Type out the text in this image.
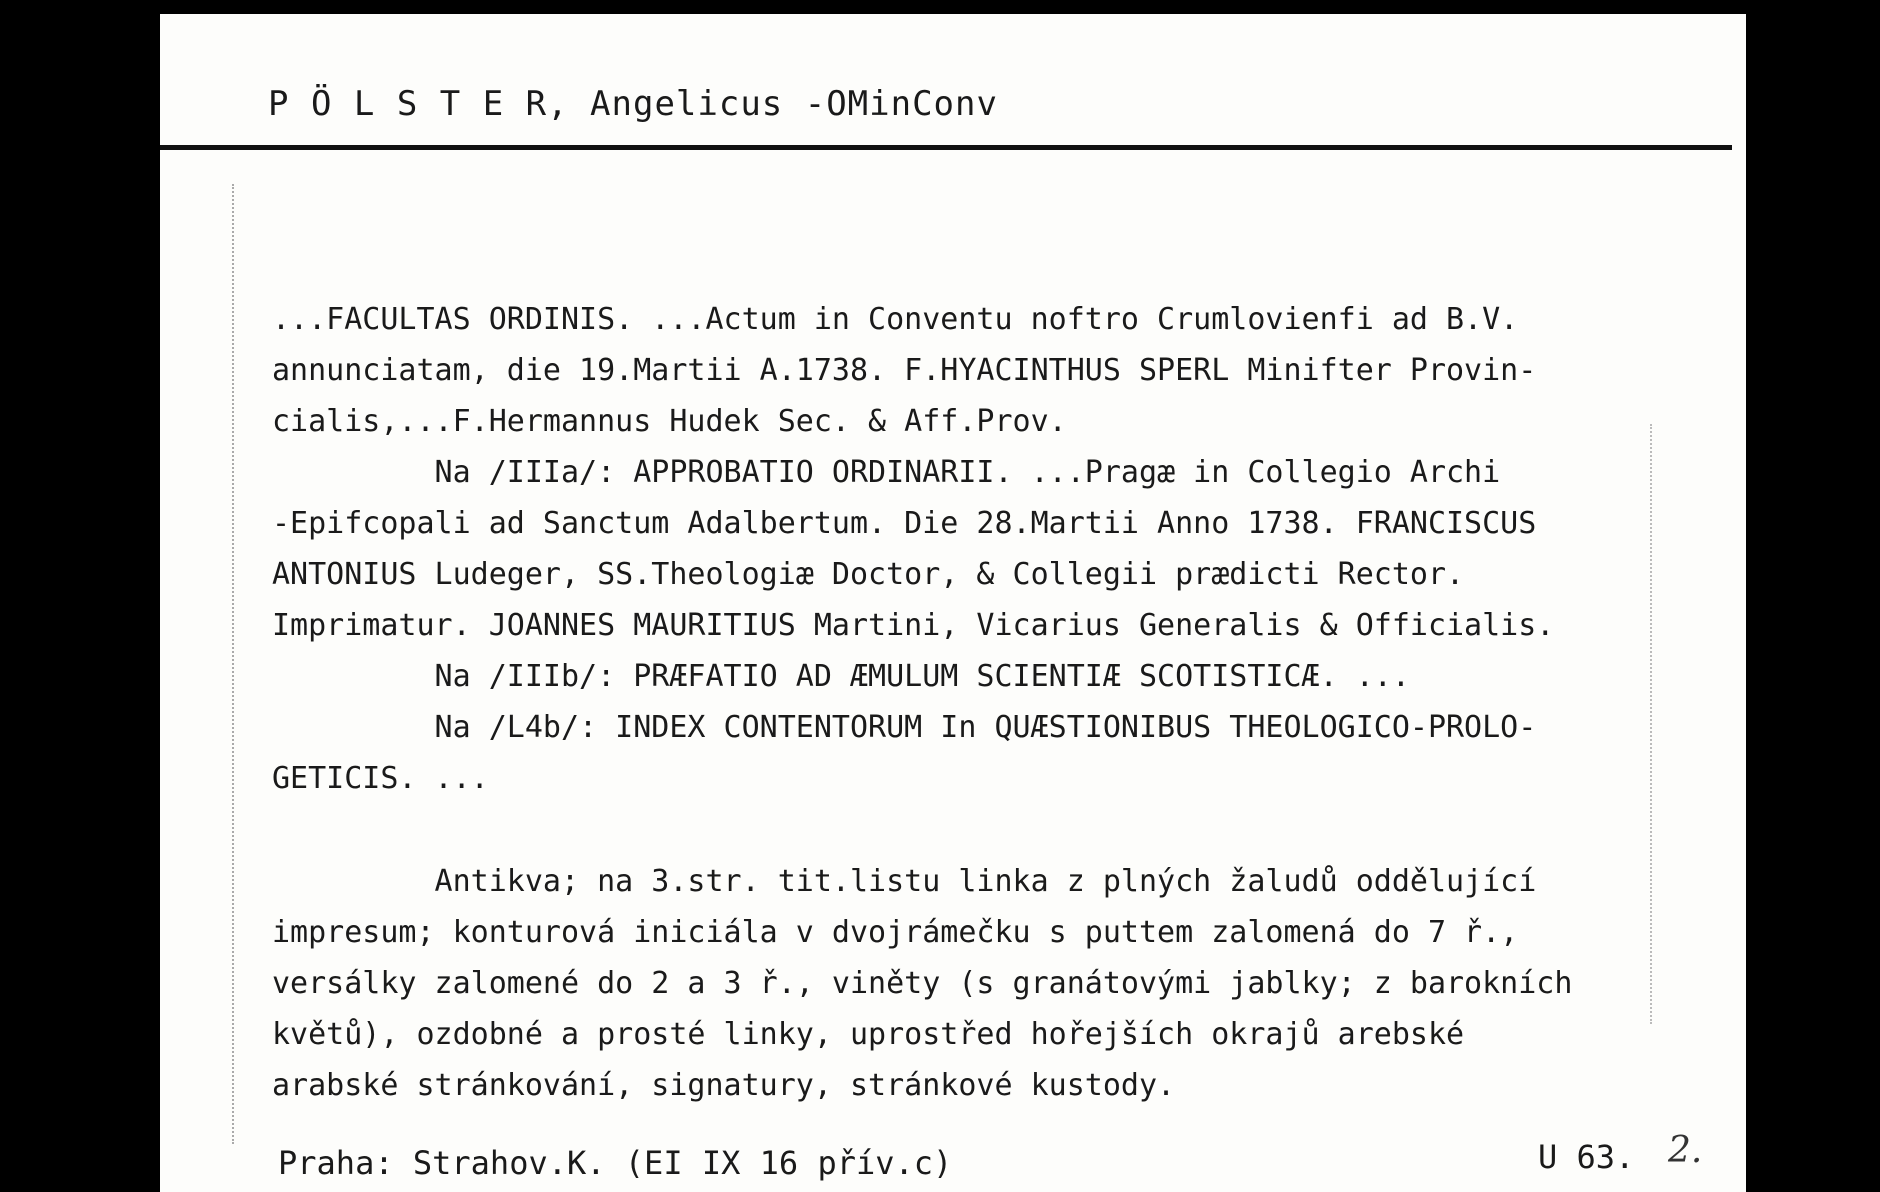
P Ö L S T E R, Angelicus -OMinConv
...FACULTAS ORDINIS. ...Actum in Conventu noftro Crumlovienfi ad B.V.
annunciatam, die 19.Martii A.1738. F.HYACINTHUS SPERL Minifter Provin-
cialis,...F.Hermannus Hudek Sec. & Aff.Prov.
Na /IIIa/: APPROBATIO ORDINARII. ...Pragæ in Collegio Archi
-Epifcopali ad Sanctum Adalbertum. Die 28.Martii Anno 1738. FRANCISCUS
ANTONIUS Ludeger, SS.Theologiæ Doctor, & Collegii prædicti Rector.
Imprimatur. JOANNES MAURITIUS Martini, Vicarius Generalis & Officialis.
Na /IIIb/: PRÆFATIO AD ÆMULUM SCIENTIÆ SCOTISTICÆ. ...
Na /L4b/: INDEX CONTENTORUM In QUÆSTIONIBUS THEOLOGICO-PROLO-
GETICIS. ...
Antikva; na 3.str. tit.listu linka z plných žaludů oddělující
impresum; konturová iniciála v dvojrámečku s puttem zalomená do 7 ř.,
versálky zalomené do 2 a 3 ř., viněty (s granátovými jablky; z barokních
květů), ozdobné a prosté linky, uprostřed hořejších okrajů arebské
arabské stránkování, signatury, stránkové kustody.
Praha: Strahov.K. (EI IX 16 přív.c)	U 63. 2.
